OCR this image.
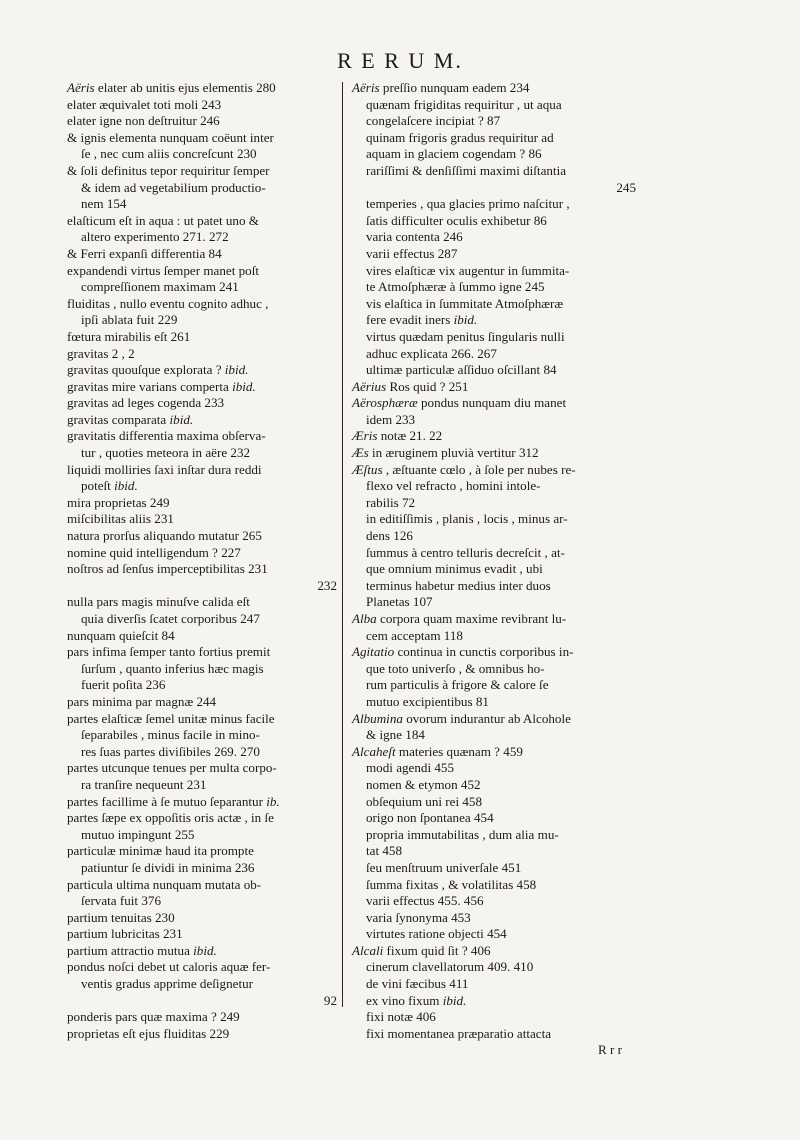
R E R U M.
Aëris elater ab unitis ejus elementis 280
elater æquivalet toti moli 243
elater igne non deſtruitur 246
& ignis elementa nunquam coëunt inter
ſe , nec cum aliis concreſcunt 230
& ſoli definitus tepor requiritur ſemper
& idem ad vegetabilium productio-
nem 154
elaſticum eſt in aqua : ut patet uno &
altero experimento 271. 272
& Ferri expanſi differentia 84
expandendi virtus ſemper manet poſt
compreſſionem maximam 241
fluiditas , nullo eventu cognito adhuc ,
ipſi ablata fuit 229
fœtura mirabilis eſt 261
gravitas 2 , 2
gravitas quouſque explorata ? ibid.
gravitas mire varians comperta ibid.
gravitas ad leges cogenda 233
gravitas comparata ibid.
gravitatis differentia maxima obſerva-
tur , quoties meteora in aëre 232
liquidi molliries ſaxi inſtar dura reddi
poteſt ibid.
mira proprietas 249
miſcibilitas aliis 231
natura prorſus aliquando mutatur 265
nomine quid intelligendum ? 227
noſtros ad ſenſus imperceptibilitas 231
232
nulla pars magis minuſve calida eſt
quia diverſis ſcatet corporibus 247
nunquam quieſcit 84
pars infima ſemper tanto fortius premit
ſurſum , quanto inferius hæc magis
fuerit poſita 236
pars minima par magnæ 244
partes elaſticæ ſemel unitæ minus facile
ſeparabiles , minus facile in mino-
res ſuas partes diviſibiles 269. 270
partes utcunque tenues per multa corpo-
ra tranſire nequeunt 231
partes facillime à ſe mutuo ſeparantur ib.
partes ſæpe ex oppoſitis oris actæ , in ſe
mutuo impingunt 255
particulæ minimæ haud ita prompte
patiuntur ſe dividi in minima 236
particula ultima nunquam mutata ob-
ſervata fuit 376
partium tenuitas 230
partium lubricitas 231
partium attractio mutua ibid.
pondus noſci debet ut caloris aquæ fer-
ventis gradus apprime deſignetur
92
ponderis pars quæ maxima ? 249
proprietas eſt ejus fluiditas 229
Aëris preſſio nunquam eadem 234
quænam frigiditas requiritur , ut aqua
congelaſcere incipiat ? 87
quinam frigoris gradus requiritur ad
aquam in glaciem cogendam ? 86
rariſſimi & denſiſſimi maximi diſtantia
245
temperies , qua glacies primo naſcitur ,
ſatis difficulter oculis exhibetur 86
varia contenta 246
varii effectus 287
vires elaſticæ vix augentur in ſummita-
te Atmoſphæræ à ſummo igne 245
vis elaſtica in ſummitate Atmoſphæræ
fere evadit iners ibid.
virtus quædam penitus ſingularis nulli
adhuc explicata 266. 267
ultimæ particulæ aſſiduo oſcillant 84
Aërius Ros quid ? 251
Aërosphæræ pondus nunquam diu manet
idem 233
Æris notæ 21. 22
Æs in æruginem pluvià vertitur 312
Æſtus , æſtuante cœlo , à ſole per nubes re-
flexo vel refracto , homini intole-
rabilis 72
in editiſſimis , planis , locis , minus ar-
dens 126
ſummus à centro telluris decreſcit , at-
que omnium minimus evadit , ubi
terminus habetur medius inter duos
Planetas 107
Alba corpora quam maxime revibrant lu-
cem acceptam 118
Agitatio continua in cunctis corporibus in-
que toto univerſo , & omnibus ho-
rum particulis à frigore & calore ſe
mutuo excipientibus 81
Albumina ovorum indurantur ab Alcohole
& igne 184
Alcaheſt materies quænam ? 459
modi agendi 455
nomen & etymon 452
obſequium uni rei 458
origo non ſpontanea 454
propria immutabilitas , dum alia mu-
tat 458
ſeu menſtruum univerſale 451
ſumma fixitas , & volatilitas 458
varii effectus 455. 456
varia ſynonyma 453
virtutes ratione objecti 454
Alcali fixum quid ſit ? 406
cinerum clavellatorum 409. 410
de vini fæcibus 411
ex vino fixum ibid.
fixi notæ 406
fixi momentanea præparatio attacta
R r r
